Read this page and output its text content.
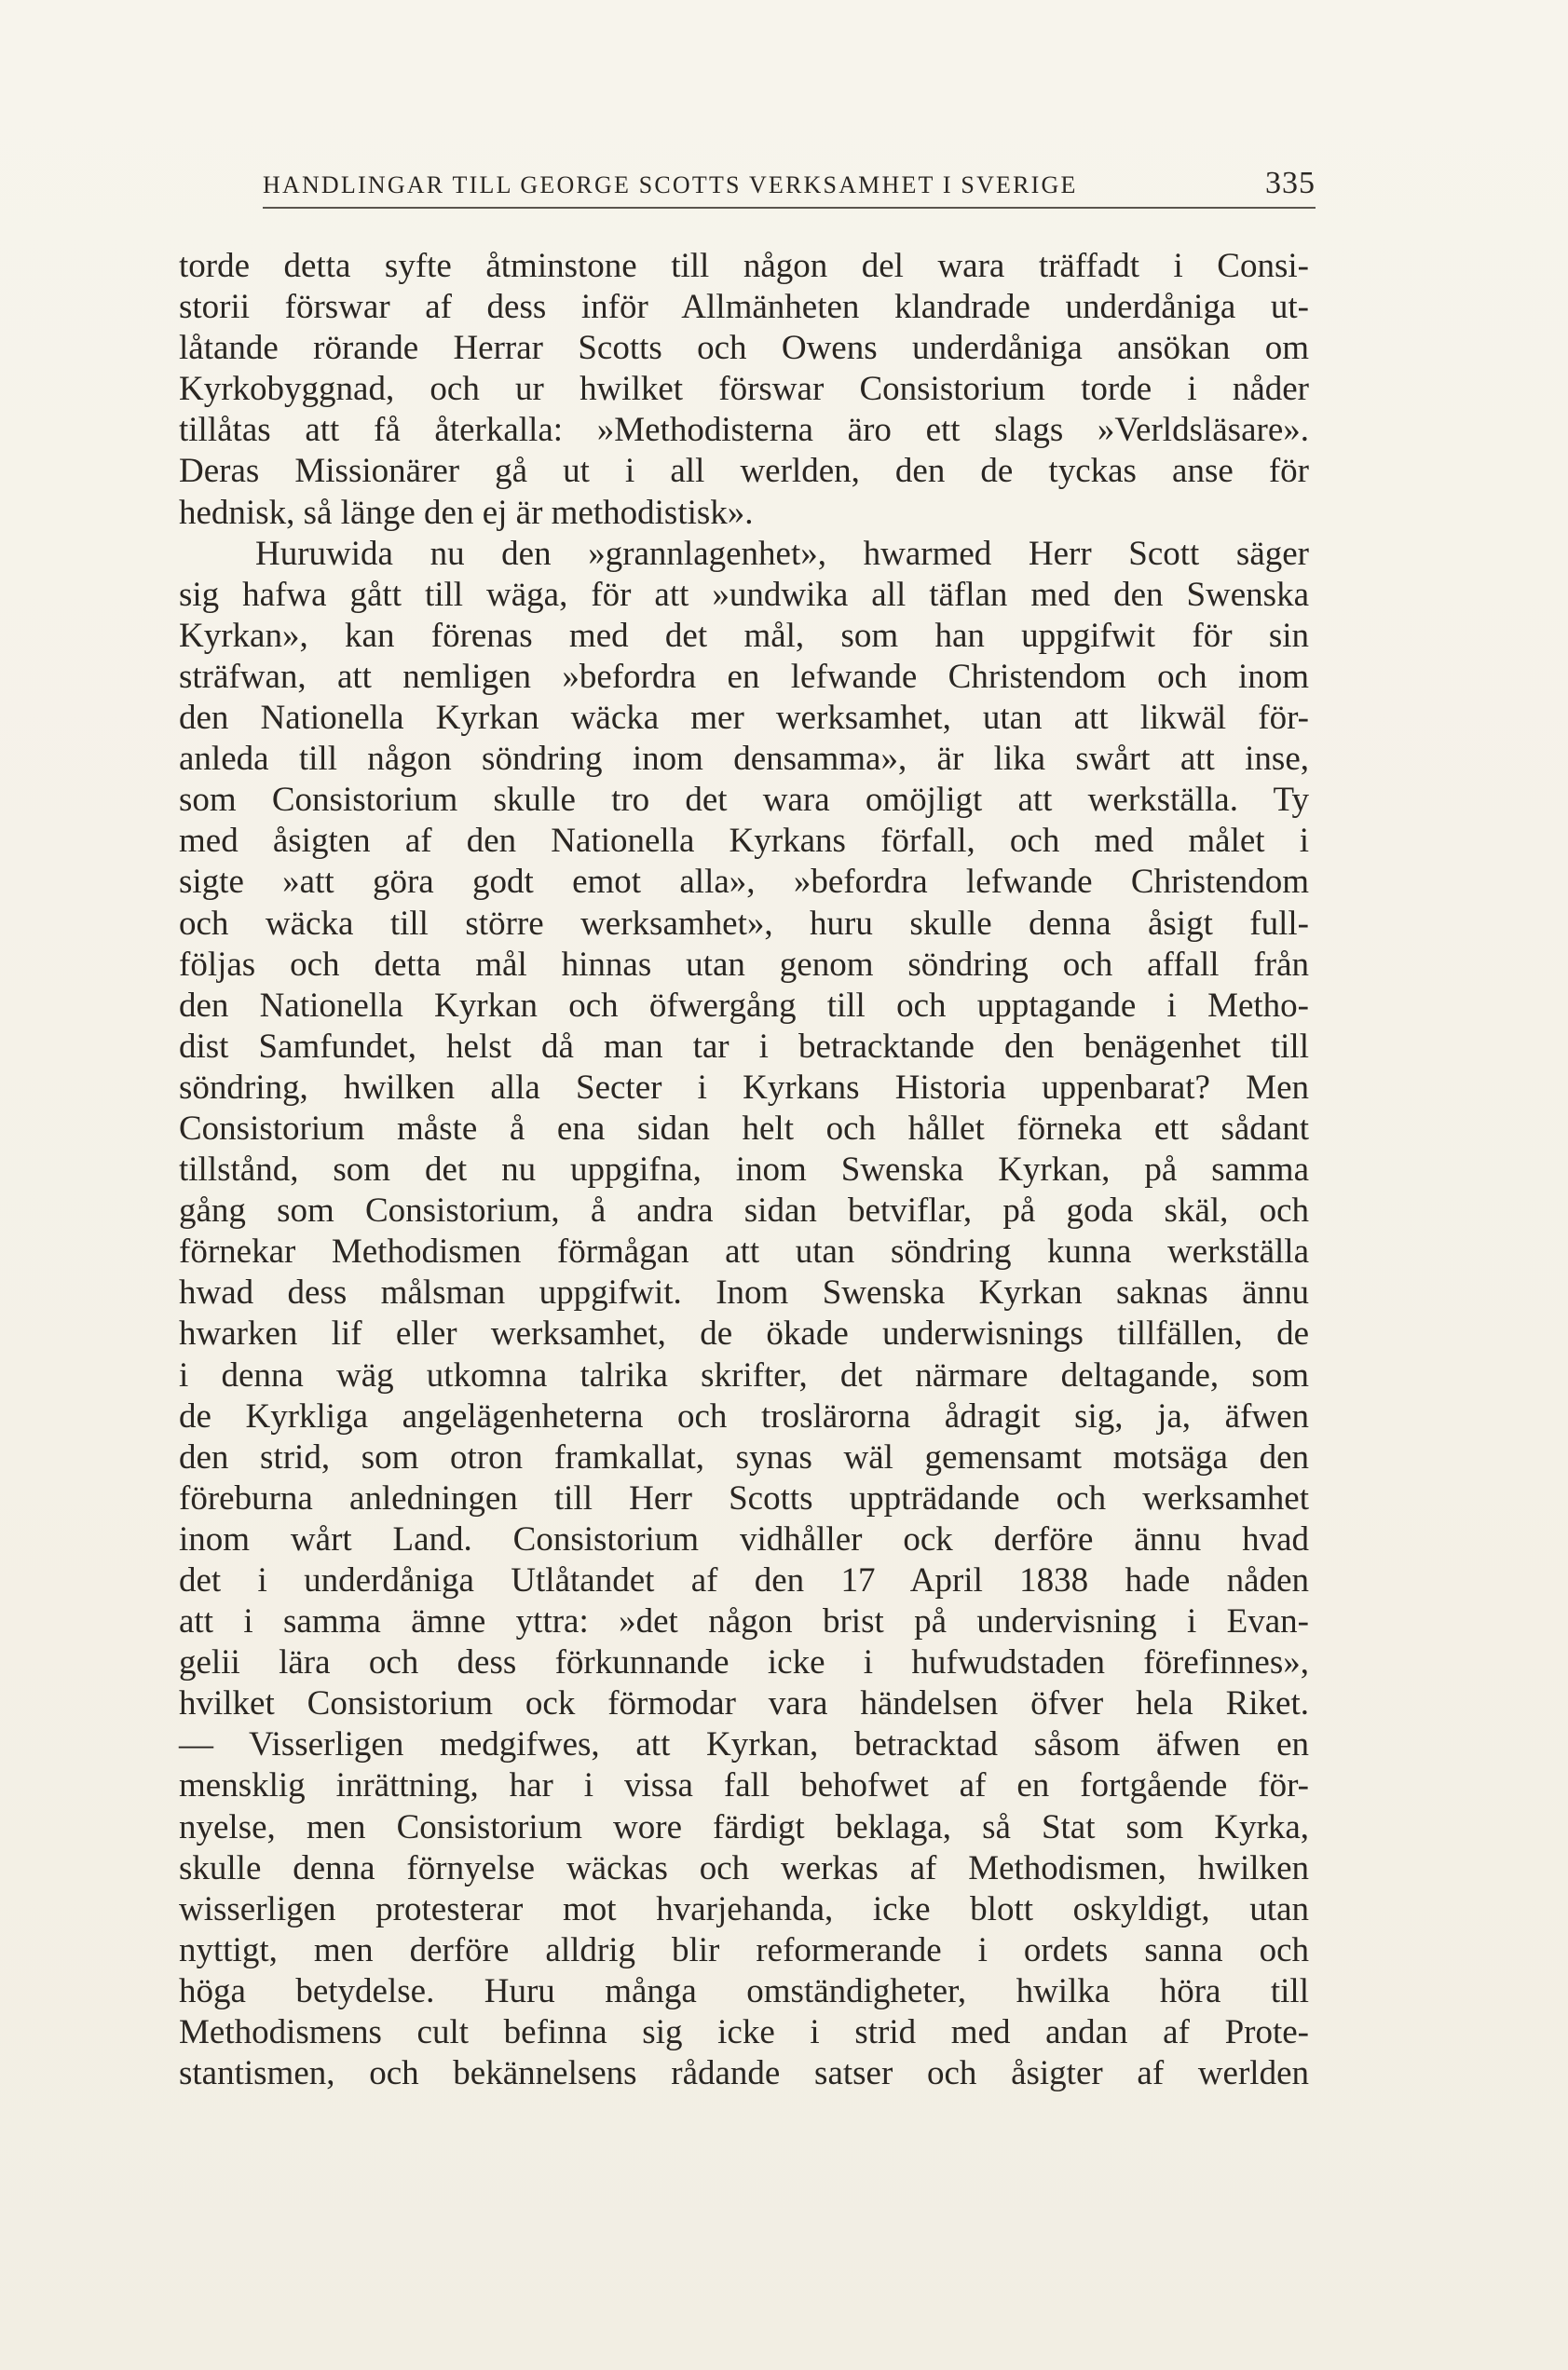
HANDLINGAR TILL GEORGE SCOTTS VERKSAMHET I SVERIGE	335
torde detta syfte åtminstone till någon del wara träffadt i Consi-
storii förswar af dess inför Allmänheten klandrade underdåniga ut-
låtande rörande Herrar Scotts och Owens underdåniga ansökan om
Kyrkobyggnad, och ur hwilket förswar Consistorium torde i nåder
tillåtas att få återkalla: »Methodisterna äro ett slags »Verldsläsare».
Deras Missionärer gå ut i all werlden, den de tyckas anse för
hednisk, så länge den ej är methodistisk».
Huruwida nu den »grannlagenhet», hwarmed Herr Scott säger
sig hafwa gått till wäga, för att »undwika all täflan med den Swenska
Kyrkan», kan förenas med det mål, som han uppgifwit för sin
sträfwan, att nemligen »befordra en lefwande Christendom och inom
den Nationella Kyrkan wäcka mer werksamhet, utan att likwäl för-
anleda till någon söndring inom densamma», är lika swårt att inse,
som Consistorium skulle tro det wara omöjligt att werkställa. Ty
med åsigten af den Nationella Kyrkans förfall, och med målet i
sigte »att göra godt emot alla», »befordra lefwande Christendom
och wäcka till större werksamhet», huru skulle denna åsigt full-
följas och detta mål hinnas utan genom söndring och affall från
den Nationella Kyrkan och öfwergång till och upptagande i Metho-
dist Samfundet, helst då man tar i betracktande den benägenhet till
söndring, hwilken alla Secter i Kyrkans Historia uppenbarat? Men
Consistorium måste å ena sidan helt och hållet förneka ett sådant
tillstånd, som det nu uppgifna, inom Swenska Kyrkan, på samma
gång som Consistorium, å andra sidan betviflar, på goda skäl, och
förnekar Methodismen förmågan att utan söndring kunna werkställa
hwad dess målsman uppgifwit. Inom Swenska Kyrkan saknas ännu
hwarken lif eller werksamhet, de ökade underwisnings tillfällen, de
i denna wäg utkomna talrika skrifter, det närmare deltagande, som
de Kyrkliga angelägenheterna och troslärorna ådragit sig, ja, äfwen
den strid, som otron framkallat, synas wäl gemensamt motsäga den
föreburna anledningen till Herr Scotts uppträdande och werksamhet
inom wårt Land. Consistorium vidhåller ock derföre ännu hvad
det i underdåniga Utlåtandet af den 17 April 1838 hade nåden
att i samma ämne yttra: »det någon brist på undervisning i Evan-
gelii lära och dess förkunnande icke i hufwudstaden förefinnes»,
hvilket Consistorium ock förmodar vara händelsen öfver hela Riket.
— Visserligen medgifwes, att Kyrkan, betracktad såsom äfwen en
mensklig inrättning, har i vissa fall behofwet af en fortgående för-
nyelse, men Consistorium wore färdigt beklaga, så Stat som Kyrka,
skulle denna förnyelse wäckas och werkas af Methodismen, hwilken
wisserligen protesterar mot hvarjehanda, icke blott oskyldigt, utan
nyttigt, men derföre alldrig blir reformerande i ordets sanna och
höga betydelse. Huru många omständigheter, hwilka höra till
Methodismens cult befinna sig icke i strid med andan af Prote-
stantismen, och bekännelsens rådande satser och åsigter af werlden
